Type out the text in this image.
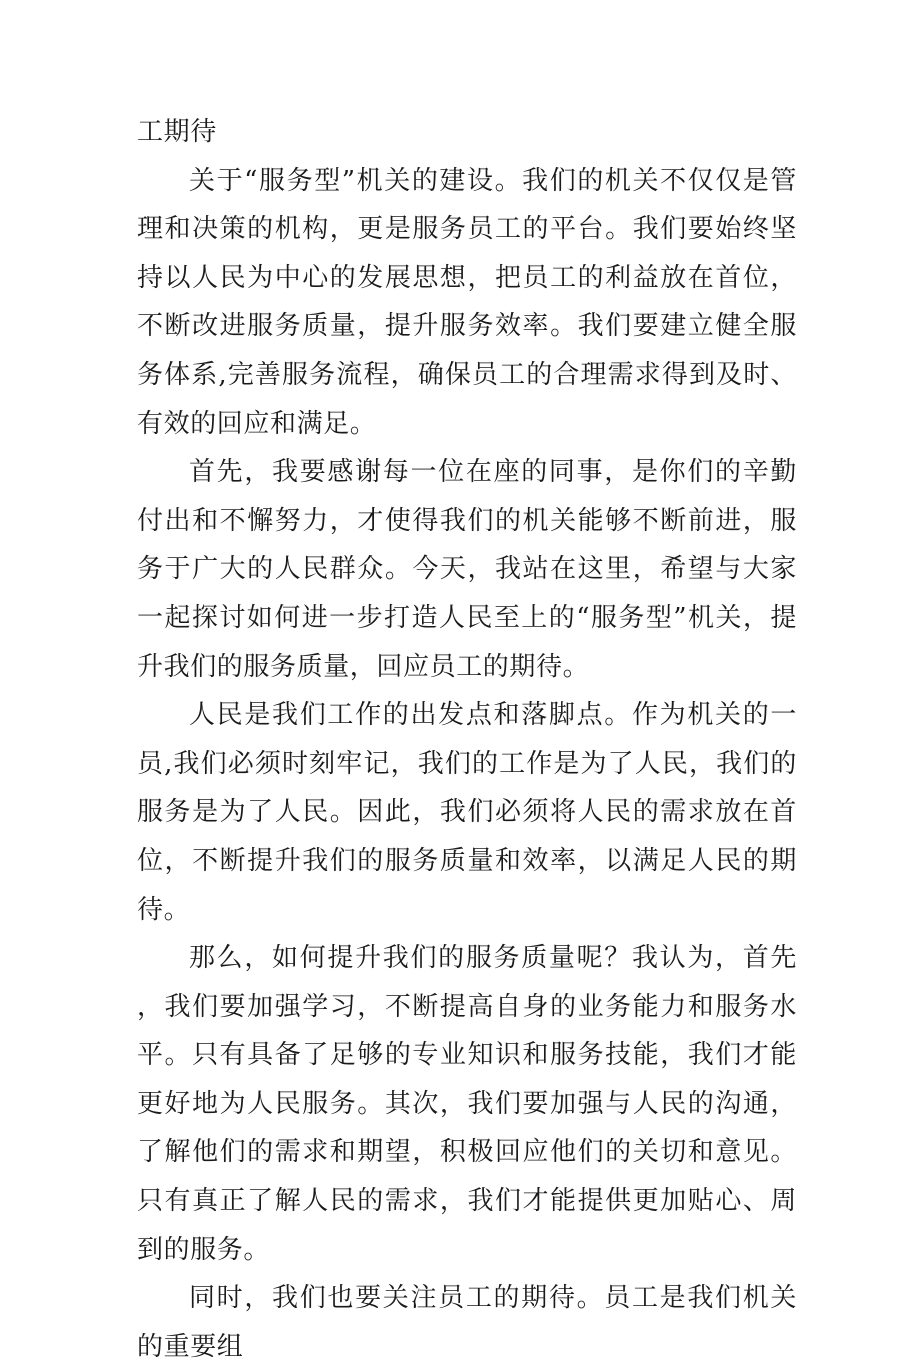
工期待

关于“服务型”机关的建设。我们的机关不仅仅是管理和决策的机构，更是服务员工的平台。我们要始终坚持以人民为中心的发展思想，把员工的利益放在首位，不断改进服务质量，提升服务效率。我们要建立健全服务体系,完善服务流程，确保员工的合理需求得到及时、有效的回应和满足。

首先，我要感谢每一位在座的同事，是你们的辛勤付出和不懈努力，才使得我们的机关能够不断前进，服务于广大的人民群众。今天，我站在这里，希望与大家一起探讨如何进一步打造人民至上的“服务型”机关，提升我们的服务质量，回应员工的期待。

人民是我们工作的出发点和落脚点。作为机关的一员,我们必须时刻牢记，我们的工作是为了人民，我们的服务是为了人民。因此，我们必须将人民的需求放在首位，不断提升我们的服务质量和效率，以满足人民的期待。

那么，如何提升我们的服务质量呢？我认为，首先，我们要加强学习，不断提高自身的业务能力和服务水平。只有具备了足够的专业知识和服务技能，我们才能更好地为人民服务。其次，我们要加强与人民的沟通，了解他们的需求和期望，积极回应他们的关切和意见。只有真正了解人民的需求，我们才能提供更加贴心、周到的服务。

同时，我们也要关注员工的期待。员工是我们机关的重要组
